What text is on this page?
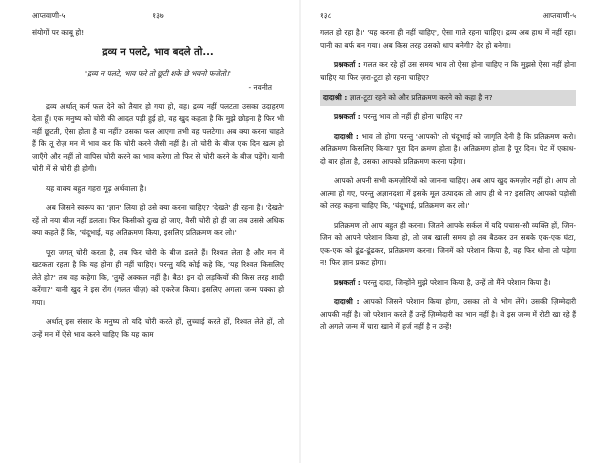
आप्तवाणी-५	१३७

संयोगों पर काबू हो!

द्रव्य न पलटे, भाव बदले तो...

'द्रव्य न पलटे, भाव फरे तो छूटी शके छे भवनो फजेतो।'

- नवनीत

द्रव्य अर्थात् कर्म फल देने को तैयार हो गया हो, वह। द्रव्य नहीं पलटता उसका उदाहरण देता हूँ। एक मनुष्य को चोरी की आदत पड़ी हुई हो, वह खुद कहता है कि मुझे छोड़ना है फिर भी नहीं छूटती, ऐसा होता है या नहीं? उसका फल आएगा तभी वह पलटेगा। अब क्या करना चाहते हैं कि तू रोज़ मन में भाव कर कि चोरी करने जैसी नहीं है। तो चोरी के बीज एक दिन खत्म हो जाएँगे और नहीं तो वापिस चोरी करने का भाव करेगा तो फिर से चोरी करने के बीज पड़ेंगे। यानी चोरी में से चोरी ही होगी।

यह वाक्य बहुत गहरा गूढ़ अर्थवाला है।

अब जिसने स्वरूप का 'ज्ञान' लिया हो उसे क्या करना चाहिए? 'देखते' ही रहना है। 'देखते' रहें तो नया बीज नहीं डलता। फिर किसीको दुःख हो जाए, वैसी चोरी हो ही जा तब उससे अधिक क्या कहते हैं कि, 'चंदूभाई, यह अतिक्रमण किया, इसलिए प्रतिक्रमण कर लो।'

पूरा जगत् चोरी करता है, तब फिर चोरी के बीज डलते हैं। रिश्वत लेता है और मन में खटकता रहता है कि यह होना ही नहीं चाहिए। परन्तु यदि कोई कहे कि, 'यह रिश्वत किसलिए लेते हो?' तब वह कहेगा कि, 'तुम्हें अक्कल नहीं है। बैठ! इन दो लड़कियों की किस तरह शादी करेंगा?' यानी खुद ने इस रोंग (गलत चीज़) को एकरेज किया। इसलिए अगला जन्म पक्का हो गया।

अर्थात् इस संसार के मनुष्य तो यदि चोरी करते हों, लुच्चाई करते हों, रिश्वत लेते हों, तो उन्हें मन में ऐसे भाव करने चाहिए कि यह काम

१३८	आप्तवाणी-५

गलत हो रहा है।' 'यह करना ही नहीं चाहिए', ऐसा गाते रहना चाहिए। द्रव्य अब हाथ में नहीं रहा। पानी का बर्फ बन गया। अब किस तरह उसको धाप बनेगी? देर हो बनेगा।

प्रश्नकर्ता : गलत कर रहे हों उस समय भाव तो ऐसा होना चाहिए न कि मुझसे ऐसा नहीं होना चाहिए या फिर ज़रा-टूटा हो रहना चाहिए?

दादाश्री : ज्ञात-टूटा रहने को और प्रतिक्रमण करने को कहा है न?

प्रश्नकर्ता : परन्तु भाव तो नहीं ही होना चाहिए न?

दादाश्री : भाव तो होगा परन्तु 'आपको' तो चंदूभाई को जागृति देनी है कि प्रतिक्रमण करो। अतिक्रमण किसलिए किया? पूरा दिन क्रमण होता है। अतिक्रमण होता है पूर दिन। पेट में एकाध-दो बार होता है, उसका आपको प्रतिक्रमण करना पड़ेगा।

आपको अपनी सभी कमज़ोरियों को जानना चाहिए। अब आप खुद कमज़ोर नहीं हो। आप तो आत्मा हो गए, परन्तु अज्ञानदशा में इसके मूल उत्पादक तो आप ही थे न? इसलिए आपको पड़ोसी को तरह कहना चाहिए कि, 'चंदूभाई, प्रतिक्रमण कर लो।'

प्रतिक्रमण तो आप बहुत ही करना। जितने आपके सर्कल में यदि पचास-सौ व्यक्ति हों, जिन-जिन को आपने परेशान किया हो, तो जब खाली समय हो तब बैठकर उन सबके एक-एक घंटा, एक-एक को ढूंढ-ढूंढकर, प्रतिक्रमण करना। जिनमें को परेशान किया है, वह फिर धोना तो पड़ेगा न! फिर ज्ञान प्रकट होगा।

प्रश्नकर्ता : परन्तु दादा, जिन्होंने मुझे परेशान किया है, उन्हें तो मैंने परेशान किया है।

दादाश्री : आपको जिसने परेशान किया होगा, उसका तो वे भोग लेंगे। उसकी ज़िम्मेदारी आपकी नहीं है। जो परेशान करते हैं उन्हें ज़िम्मेदारी का भान नहीं है। वे इस जन्म में रोटी खा रहे हैं तो अगले जन्म में चारा खाने में हर्ज नहीं है न उन्हें!
